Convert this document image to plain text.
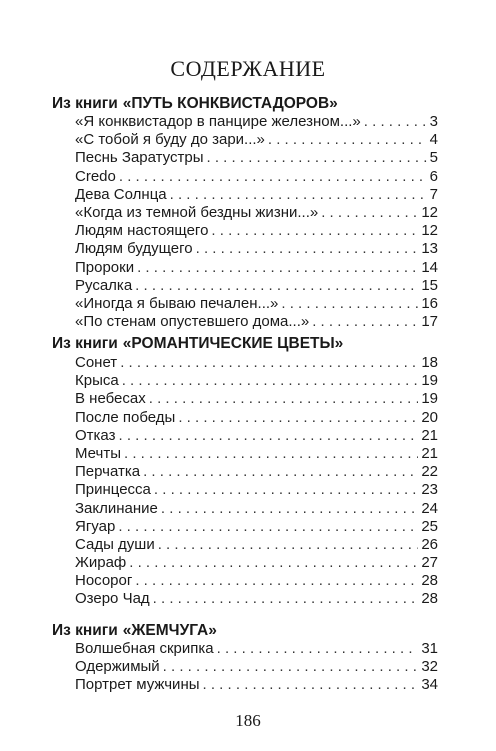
СОДЕРЖАНИЕ
Из книги «ПУТЬ КОНКВИСТАДОРОВ»
«Я конквистадор в панцире железном...» . . .	3
«С тобой я буду до зари...» . . .	4
Песнь Заратустры . . .	5
Credo . . .	6
Дева Солнца . . .	7
«Когда из темной бездны жизни...» . . .	12
Людям настоящего . . .	12
Людям будущего . . .	13
Пророки . . .	14
Русалка . . .	15
«Иногда я бываю печален...» . . .	16
«По стенам опустевшего дома...» . . .	17
Из книги «РОМАНТИЧЕСКИЕ ЦВЕТЫ»
Сонет . . .	18
Крыса . . .	19
В небесах . . .	19
После победы . . .	20
Отказ . . .	21
Мечты . . .	21
Перчатка . . .	22
Принцесса . . .	23
Заклинание . . .	24
Ягуар . . .	25
Сады души . . .	26
Жираф . . .	27
Носорог . . .	28
Озеро Чад . . .	28
Из книги «ЖЕМЧУГА»
Волшебная скрипка . . .	31
Одержимый . . .	32
Портрет мужчины . . .	34
186
